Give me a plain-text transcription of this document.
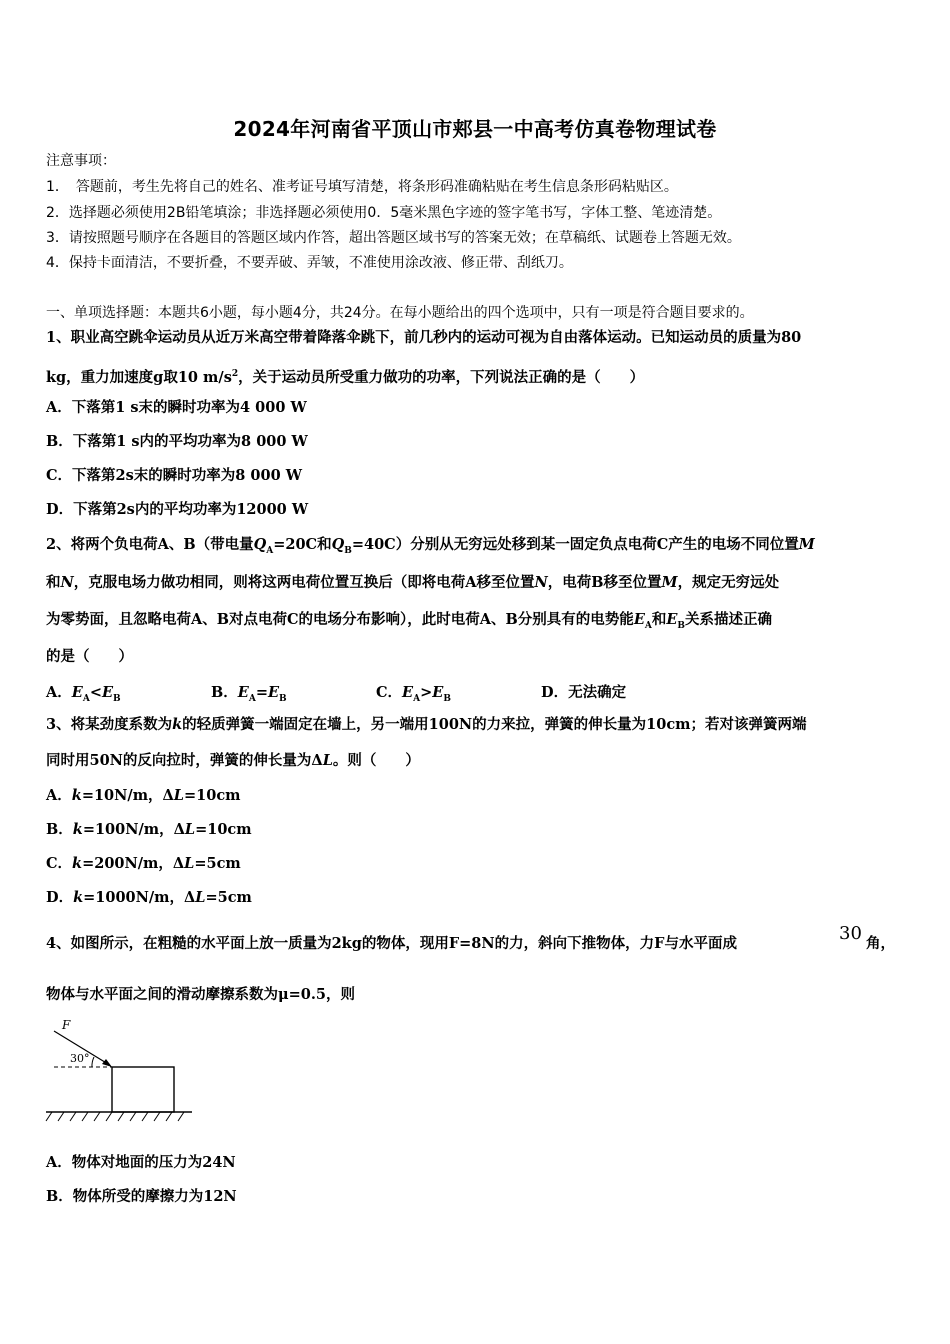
2024年河南省平顶山市郏县一中高考仿真卷物理试卷
注意事项：
1．　答题前，考生先将自己的姓名、准考证号填写清楚，将条形码准确粘贴在考生信息条形码粘贴区。
2．选择题必须使用2B铅笔填涂；非选择题必须使用0．5毫米黑色字迹的签字笔书写，字体工整、笔迹清楚。
3．请按照题号顺序在各题目的答题区域内作答，超出答题区域书写的答案无效；在草稿纸、试题卷上答题无效。
4．保持卡面清洁，不要折叠，不要弄破、弄皱，不准使用涂改液、修正带、刮纸刀。
一、单项选择题：本题共6小题，每小题4分，共24分。在每小题给出的四个选项中，只有一项是符合题目要求的。
1、职业高空跳伞运动员从近万米高空带着降落伞跳下，前几秒内的运动可视为自由落体运动。已知运动员的质量为80
kg，重力加速度g取10 $m/s^2$，关于运动员所受重力做功的功率，下列说法正确的是（　　）
A．下落第1 s末的瞬时功率为4 000 W
B．下落第1 s内的平均功率为8 000 W
C．下落第2s末的瞬时功率为8 000 W
D．下落第2s内的平均功率为12000 W
2、将两个负电荷A、B（带电量$Q_A=20C$和$Q_B=40C$）分别从无穷远处移到某一固定负点电荷C产生的电场不同位置M
和N，克服电场力做功相同，则将这两电荷位置互换后（即将电荷A移至位置N，电荷B移至位置M，规定无穷远处
为零势面，且忽略电荷A、B对点电荷C的电场分布影响），此时电荷A、B分别具有的电势能$E_A$和$E_B$关系描述正确
的是（　　）
A．$E_A<E_B$	B．$E_A=E_B$	C．$E_A>E_B$	D．无法确定
3、将某劲度系数为k的轻质弹簧一端固定在墙上，另一端用100N的力来拉，弹簧的伸长量为10cm；若对该弹簧两端
同时用50N的反向拉时，弹簧的伸长量为ΔL。则（　　）
A．k=10N/m，ΔL=10cm
B．k=100N/m，ΔL=10cm
C．k=200N/m，ΔL=5cm
D．k=1000N/m，ΔL=5cm
4、如图所示，在粗糙的水平面上放一质量为2kg的物体，现用F=8N的力，斜向下推物体，力F与水平面成	30 角，
物体与水平面之间的滑动摩擦系数为μ=0.5，则
F
30°
A．物体对地面的压力为24N
B．物体所受的摩擦力为12N
